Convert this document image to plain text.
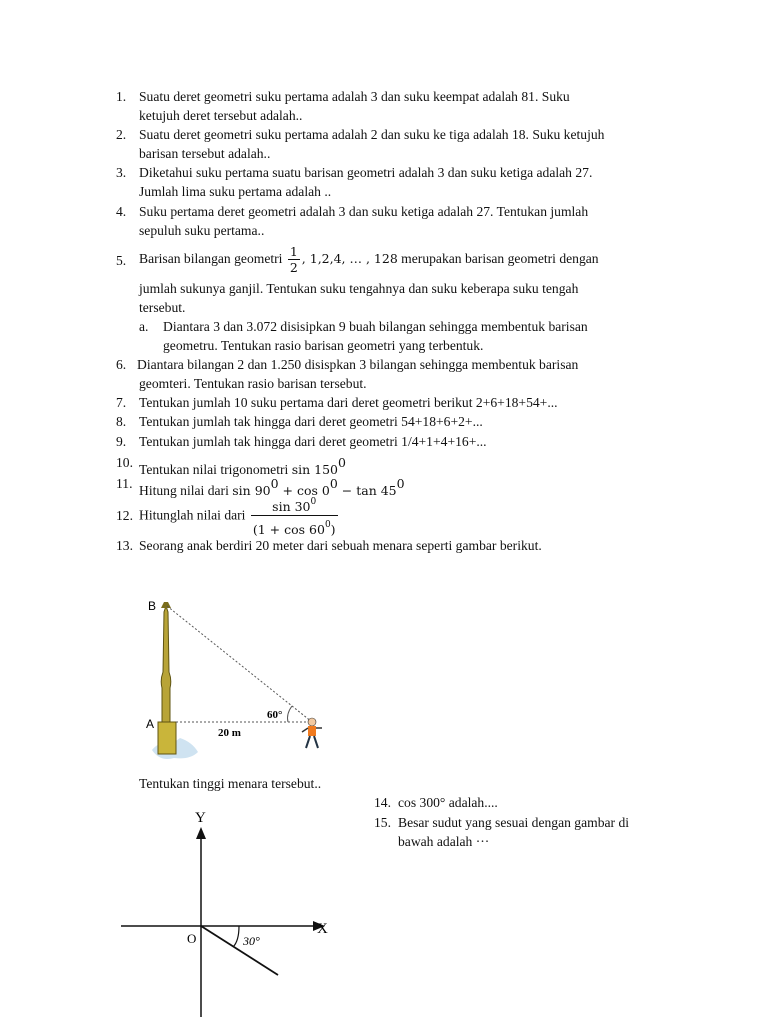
1. Suatu deret geometri suku pertama adalah 3 dan suku keempat adalah 81. Suku
ketujuh deret tersebut adalah..
2. Suatu deret geometri suku pertama adalah 2 dan suku ke tiga adalah 18. Suku ketujuh
barisan tersebut adalah..
3. Diketahui suku pertama suatu barisan geometri adalah 3 dan suku ketiga adalah 27.
Jumlah lima suku pertama adalah ..
4. Suku pertama deret geometri adalah 3 dan suku ketiga adalah 27. Tentukan jumlah
sepuluh suku pertama..
5. Barisan bilangan geometri $\frac{1}{2}$ , 1,2,4, … , 128 merupakan barisan geometri dengan
jumlah sukunya ganjil. Tentukan suku tengahnya dan suku keberapa suku tengah
tersebut.
a. Diantara 3 dan 3.072 disisipkan 9 buah bilangan sehingga membentuk barisan
geometru. Tentukan rasio barisan geometri yang terbentuk.
6. Diantara bilangan 2 dan 1.250 disispkan 3 bilangan sehingga membentuk barisan
geomteri. Tentukan rasio barisan tersebut.
7. Tentukan jumlah 10 suku pertama dari deret geometri berikut 2+6+18+54+...
8. Tentukan jumlah tak hingga dari deret geometri 54+18+6+2+...
9. Tentukan jumlah tak hingga dari deret geometri 1/4+1+4+16+...
10. Tentukan nilai trigonometri $\sin 150^0$
11. Hitung nilai dari $\sin 90^0 + \cos 0^0 - \tan 45^0$
12. Hitunglah nilai dari $\frac{\sin 30^0}{(1 + \cos 60^0)}$
13. Seorang anak berdiri 20 meter dari sebuah menara seperti gambar berikut.
B
A
60°
20 m
Tentukan tinggi menara tersebut..
14. cos 300° adalah....
15. Besar sudut yang sesuai dengan gambar di
bawah adalah ···
Y
X
O	30°
